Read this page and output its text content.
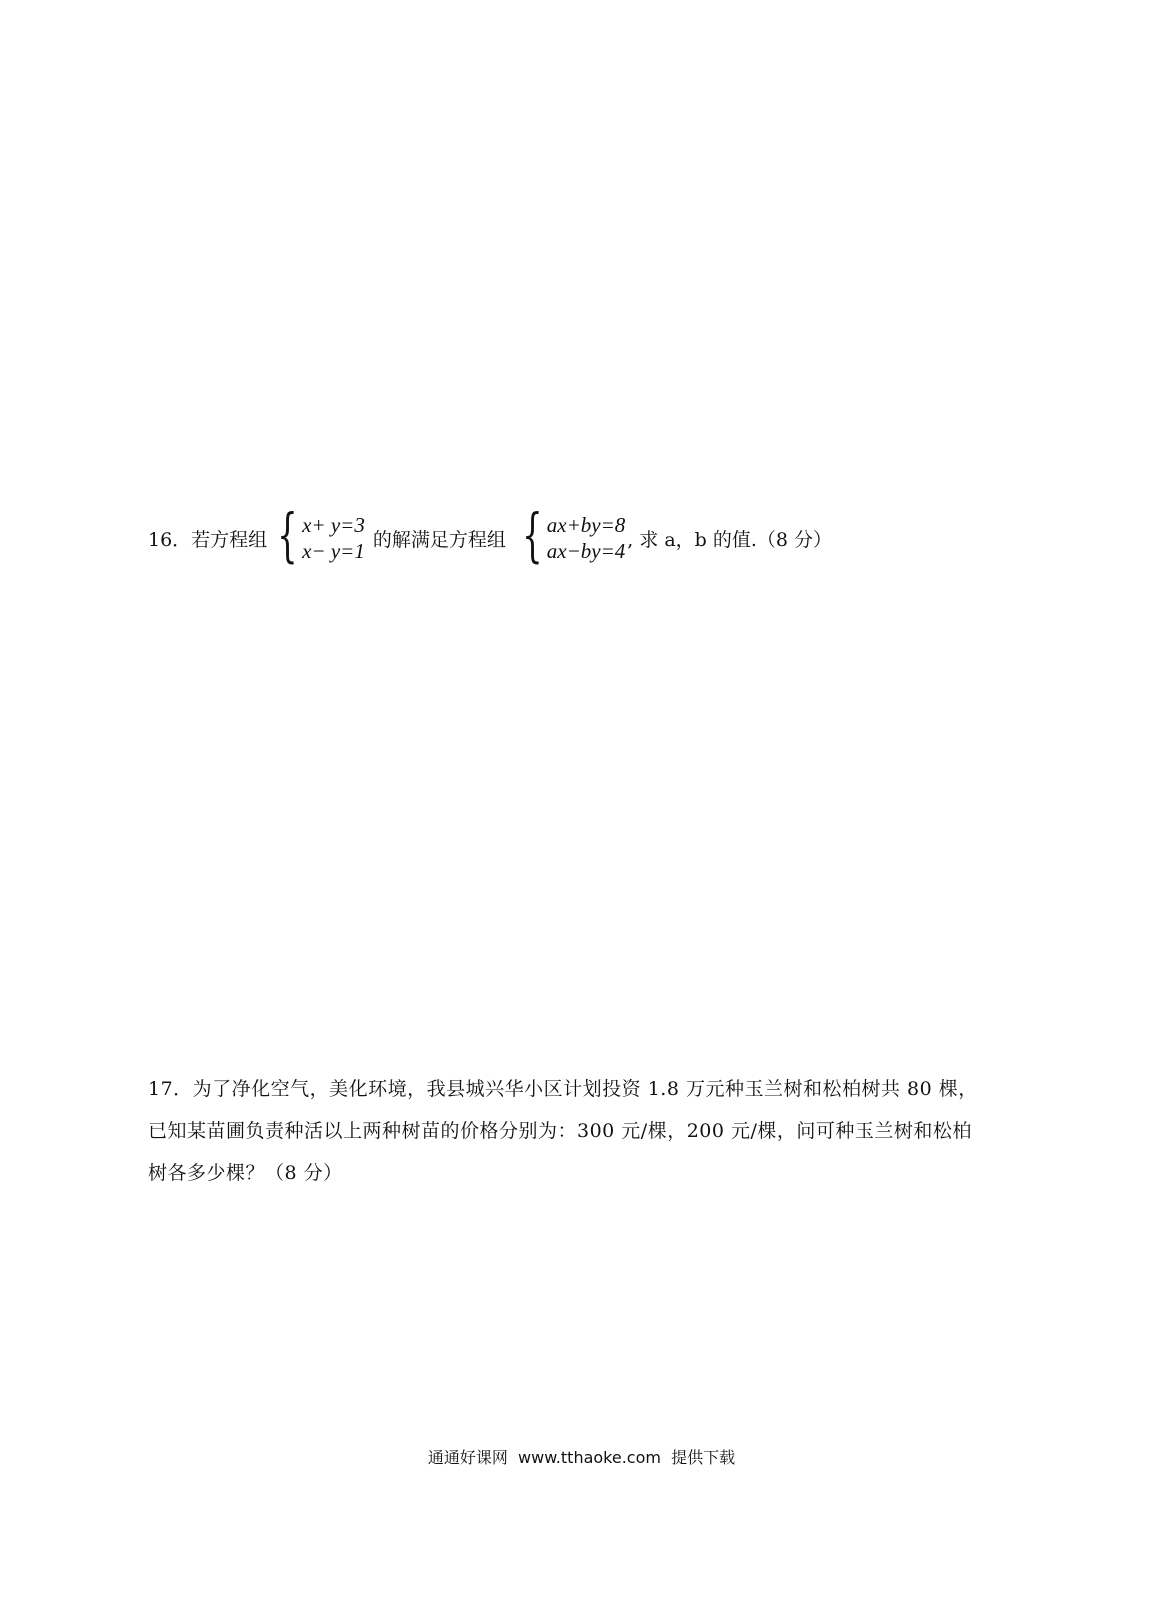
16．若方程组 { x+ y=3
x− y=1 的解满足方程组 { ax+by=8
ax−by=4 , 求 a，b 的值.（8 分）

17．为了净化空气，美化环境，我县城兴华小区计划投资 1.8 万元种玉兰树和松柏树共 80 棵，

已知某苗圃负责种活以上两种树苗的价格分别为：300 元/棵，200 元/棵，问可种玉兰树和松柏

树各多少棵？（8 分）

通通好课网  www.tthaoke.com  提供下载
